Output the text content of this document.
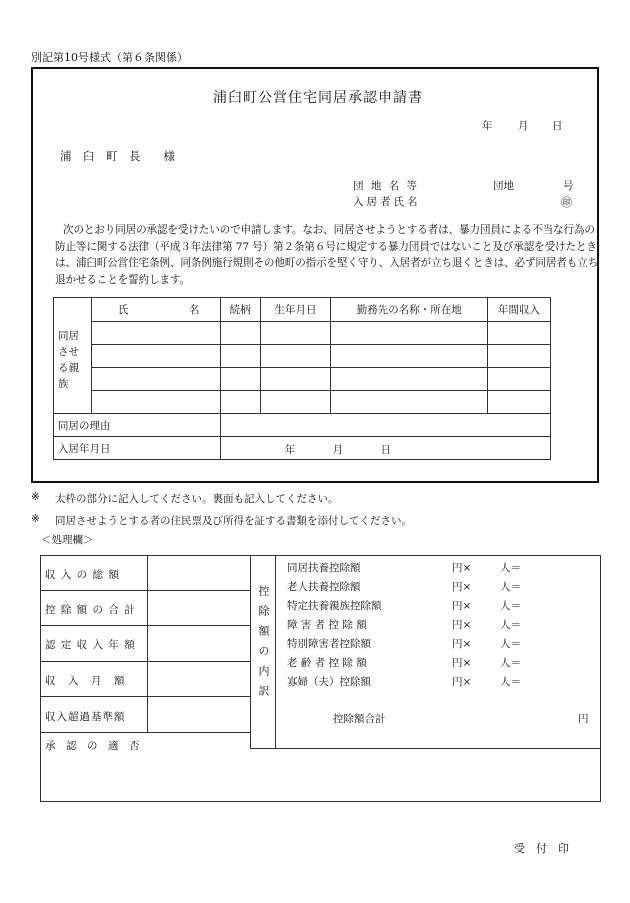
別記第10号様式（第６条関係）
浦臼町公営住宅同居承認申請書
年 月 日
浦　臼　町　長　　様
団 地 名 等	団地	号
入居者氏名	㊞
次のとおり同居の承認を受けたいので申請します。なお、同居させようとする者は、暴力団員による不当な行為の防止等に関する法律（平成３年法律第 77 号）第２条第６号に規定する暴力団員ではないこと及び承認を受けたときは、浦臼町公営住宅条例、同条例施行規則その他町の指示を堅く守り、入居者が立ち退くときは、必ず同居者も立ち退かせることを誓約します。
同居させる親族	氏 名	続柄	生年月日	勤務先の名称・所在地	年間収入

同居の理由					
入居年月日		年 月 日			
※ 太枠の部分に記入してください。裏面も記入してください。
※ 同居させようとする者の住民票及び所得を証する書類を添付してください。
＜処理欄＞
収 入 の 総 額
控 除 額 の 合 計
認 定 収 入 年 額
収　入　月　額
収入超過基準額
承　認　の　適　否
控除額の内訳
同居扶養控除額	円×	人＝
老人扶養控除額	円×	人＝
特定扶養親族控除額	円×	人＝
障 害 者 控 除 額	円×	人＝
特別障害者控除額	円×	人＝
老 齢 者 控 除 額	円×	人＝
寡婦（夫）控除額	円×	人＝
控除額合計	円
受　付　印
